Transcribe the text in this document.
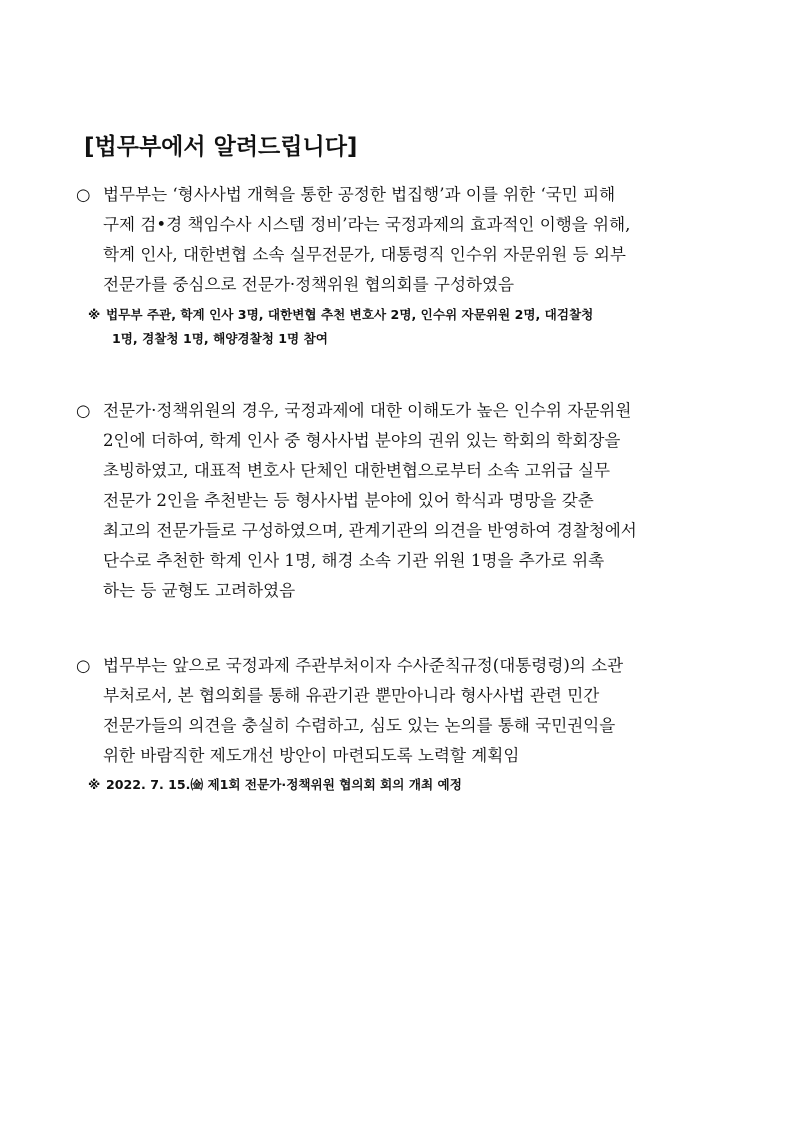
[법무부에서 알려드립니다]
○ 법무부는 ‘형사사법 개혁을 통한 공정한 법집행’과 이를 위한 ‘국민 피해
구제 검•경 책임수사 시스템 정비’라는 국정과제의 효과적인 이행을 위해,
학계 인사, 대한변협 소속 실무전문가, 대통령직 인수위 자문위원 등 외부
전문가를 중심으로 전문가·정책위원 협의회를 구성하였음
※ 법무부 주관, 학계 인사 3명, 대한변협 추천 변호사 2명, 인수위 자문위원 2명, 대검찰청
1명, 경찰청 1명, 해양경찰청 1명 참여
○ 전문가·정책위원의 경우, 국정과제에 대한 이해도가 높은 인수위 자문위원
2인에 더하여, 학계 인사 중 형사사법 분야의 권위 있는 학회의 학회장을
초빙하였고, 대표적 변호사 단체인 대한변협으로부터 소속 고위급 실무
전문가 2인을 추천받는 등 형사사법 분야에 있어 학식과 명망을 갖춘
최고의 전문가들로 구성하였으며, 관계기관의 의견을 반영하여 경찰청에서
단수로 추천한 학계 인사 1명, 해경 소속 기관 위원 1명을 추가로 위촉
하는 등 균형도 고려하였음
○ 법무부는 앞으로 국정과제 주관부처이자 수사준칙규정(대통령령)의 소관
부처로서, 본 협의회를 통해 유관기관 뿐만아니라 형사사법 관련 민간
전문가들의 의견을 충실히 수렴하고, 심도 있는 논의를 통해 국민권익을
위한 바람직한 제도개선 방안이 마련되도록 노력할 계획임
※ 2022. 7. 15.㈮ 제1회 전문가·정책위원 협의회 회의 개최 예정
